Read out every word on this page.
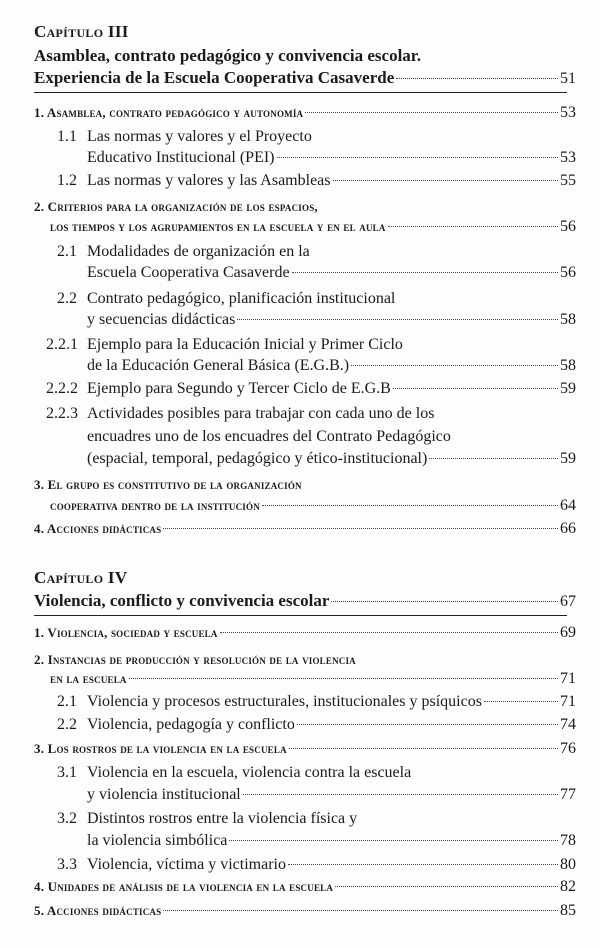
Capítulo III
Asamblea, contrato pedagógico y convivencia escolar.
Experiencia de la Escuela Cooperativa Casaverde	51
1. Asamblea, contrato pedagógico y autonomía	53
1.1 Las normas y valores y el Proyecto
Educativo Institucional (PEI)	53
1.2 Las normas y valores y las Asambleas	55
2. Criterios para la organización de los espacios,
los tiempos y los agrupamientos en la escuela y en el aula	56
2.1 Modalidades de organización en la
Escuela Cooperativa Casaverde	56
2.2 Contrato pedagógico, planificación institucional
y secuencias didácticas	58
2.2.1 Ejemplo para la Educación Inicial y Primer Ciclo
de la Educación General Básica (E.G.B.)	58
2.2.2 Ejemplo para Segundo y Tercer Ciclo de E.G.B	59
2.2.3 Actividades posibles para trabajar con cada uno de los
encuadres uno de los encuadres del Contrato Pedagógico
(espacial, temporal, pedagógico y ético-institucional)	59
3. El grupo es constitutivo de la organización
cooperativa dentro de la institución	64
4. Acciones didácticas	66
Capítulo IV
Violencia, conflicto y convivencia escolar	67
1. Violencia, sociedad y escuela	69
2. Instancias de producción y resolución de la violencia
en la escuela	71
2.1 Violencia y procesos estructurales, institucionales y psíquicos	71
2.2 Violencia, pedagogía y conflicto	74
3. Los rostros de la violencia en la escuela	76
3.1 Violencia en la escuela, violencia contra la escuela
y violencia institucional	77
3.2 Distintos rostros entre la violencia física y
la violencia simbólica	78
3.3 Violencia, víctima y victimario	80
4. Unidades de análisis de la violencia en la escuela	82
5. Acciones didácticas	85
